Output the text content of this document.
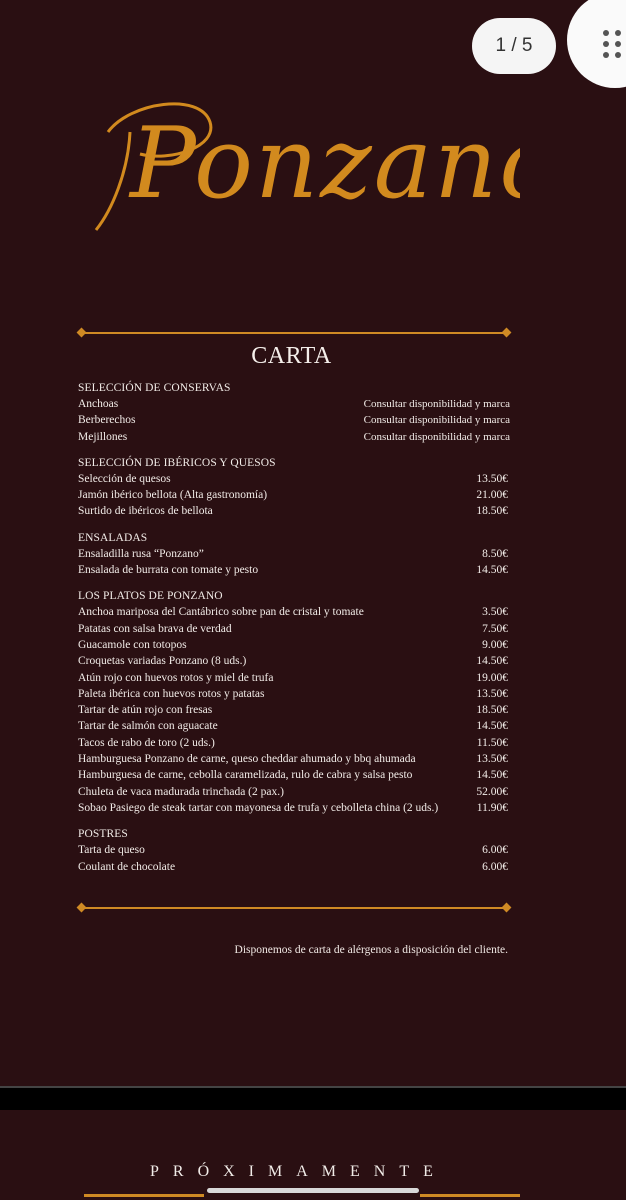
Ponzano
CARTA
SELECCIÓN DE CONSERVAS
Anchoas	Consultar disponibilidad y marca
Berberechos	Consultar disponibilidad y marca
Mejillones	Consultar disponibilidad y marca
SELECCIÓN DE IBÉRICOS Y QUESOS
Selección de quesos	13.50€
Jamón ibérico bellota (Alta gastronomía)	21.00€
Surtido de ibéricos de bellota	18.50€
ENSALADAS
Ensaladilla rusa “Ponzano”	8.50€
Ensalada de burrata con tomate y pesto	14.50€
LOS PLATOS DE PONZANO
Anchoa mariposa del Cantábrico sobre pan de cristal y tomate	3.50€
Patatas con salsa brava de verdad	7.50€
Guacamole con totopos	9.00€
Croquetas variadas Ponzano (8 uds.)	14.50€
Atún rojo con huevos rotos y miel de trufa	19.00€
Paleta ibérica con huevos rotos y patatas	13.50€
Tartar de atún rojo con fresas	18.50€
Tartar de salmón con aguacate	14.50€
Tacos de rabo de toro (2 uds.)	11.50€
Hamburguesa Ponzano de carne, queso cheddar ahumado y bbq ahumada	13.50€
Hamburguesa de carne, cebolla caramelizada, rulo de cabra y salsa pesto	14.50€
Chuleta de vaca madurada trinchada (2 pax.)	52.00€
Sobao Pasiego de steak tartar con mayonesa de trufa y cebolleta china (2 uds.)	11.90€
POSTRES
Tarta de queso	6.00€
Coulant de chocolate	6.00€
Disponemos de carta de alérgenos a disposición del cliente.
PRÓXIMAMENTE
1 / 5
